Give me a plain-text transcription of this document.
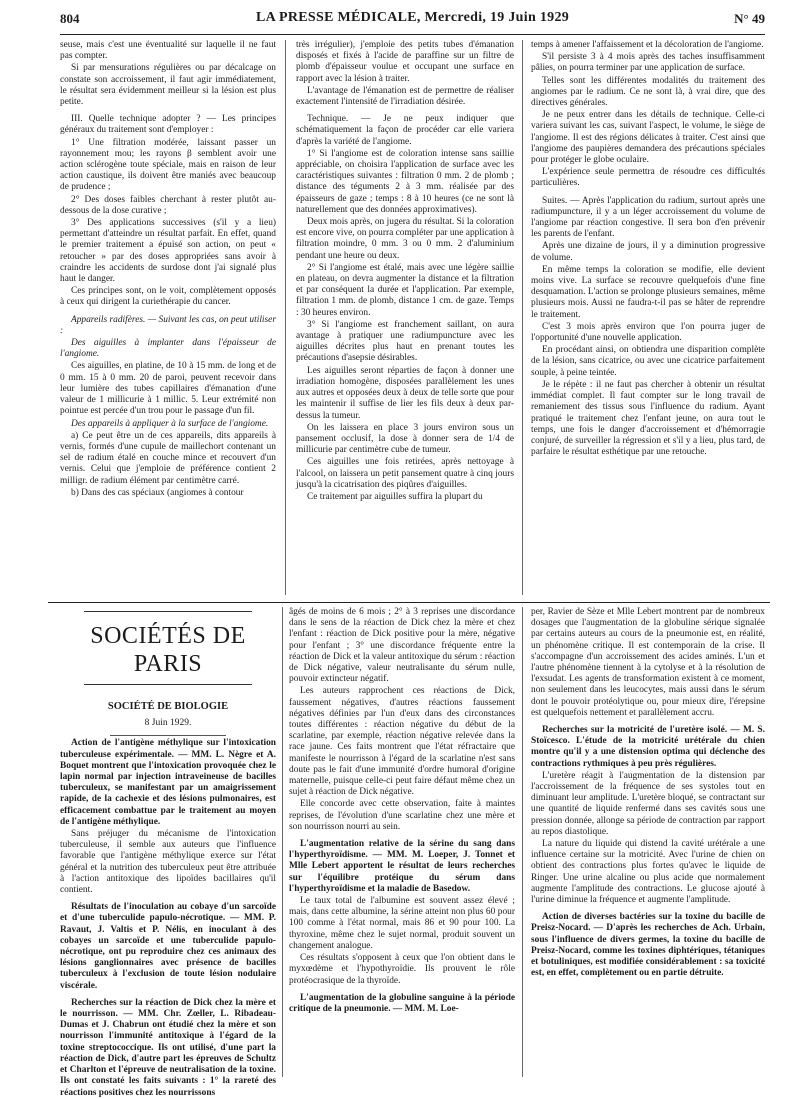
804	LA PRESSE MÉDICALE, Mercredi, 19 Juin 1929	N° 49

seuse, mais c'est une éventualité sur laquelle il ne faut pas compter.

Si par mensurations régulières ou par décalcage on constate son accroissement, il faut agir immédiatement, le résultat sera évidemment meilleur si la lésion est plus petite.

III. Quelle technique adopter ? — Les principes généraux du traitement sont d'employer :

1° Une filtration modérée, laissant passer un rayonnement mou; les rayons β semblent avoir une action sclérogène toute spéciale, mais en raison de leur action caustique, ils doivent être maniés avec beaucoup de prudence ;

2° Des doses faibles cherchant à rester plutôt au-dessous de la dose curative ;

3° Des applications successives (s'il y a lieu) permettant d'atteindre un résultat parfait. En effet, quand le premier traitement a épuisé son action, on peut « retoucher » par des doses appropriées sans avoir à craindre les accidents de surdose dont j'ai signalé plus haut le danger.

Ces principes sont, on le voit, complètement opposés à ceux qui dirigent la curiethérapie du cancer.

Appareils radifères. — Suivant les cas, on peut utiliser :

Des aiguilles à implanter dans l'épaisseur de l'angiome.

Ces aiguilles, en platine, de 10 à 15 mm. de long et de 0 mm. 15 à 0 mm. 20 de paroi, peuvent recevoir dans leur lumière des tubes capillaires d'émanation d'une valeur de 1 millicurie à 1 millic. 5. Leur extrémité non pointue est percée d'un trou pour le passage d'un fil.

Des appareils à appliquer à la surface de l'angiome.

a) Ce peut être un de ces appareils, dits appareils à vernis, formés d'une cupule de maillechort contenant un sel de radium étalé en couche mince et recouvert d'un vernis. Celui que j'emploie de préférence contient 2 milligr. de radium élément par centimètre carré.

b) Dans des cas spéciaux (angiomes à contour

très irrégulier), j'emploie des petits tubes d'émanation disposés et fixés à l'acide de paraffine sur un filtre de plomb d'épaisseur voulue et occupant une surface en rapport avec la lésion à traiter.

L'avantage de l'émanation est de permettre de réaliser exactement l'intensité de l'irradiation désirée.

Technique. — Je ne peux indiquer que schématiquement la façon de procéder car elle variera d'après la variété de l'angiome.

1° Si l'angiome est de coloration intense sans saillie appréciable, on choisira l'application de surface avec les caractéristiques suivantes : filtration 0 mm. 2 de plomb ; distance des téguments 2 à 3 mm. réalisée par des épaisseurs de gaze ; temps : 8 à 10 heures (ce ne sont là naturellement que des données approximatives).

Deux mois après, on jugera du résultat. Si la coloration est encore vive, on pourra compléter par une application à filtration moindre, 0 mm. 3 ou 0 mm. 2 d'aluminium pendant une heure ou deux.

2° Si l'angiome est étalé, mais avec une légère saillie en plateau, on devra augmenter la distance et la filtration et par conséquent la durée et l'application. Par exemple, filtration 1 mm. de plomb, distance 1 cm. de gaze. Temps : 30 heures environ.

3° Si l'angiome est franchement saillant, on aura avantage à pratiquer une radiumpuncture avec les aiguilles décrites plus haut en prenant toutes les précautions d'asepsie désirables.

Les aiguilles seront réparties de façon à donner une irradiation homogène, disposées parallèlement les unes aux autres et opposées deux à deux de telle sorte que pour les maintenir il suffise de lier les fils deux à deux par-dessus la tumeur.

On les laissera en place 3 jours environ sous un pansement occlusif, la dose à donner sera de 1/4 de millicurie par centimètre cube de tumeur.

Ces aiguilles une fois retirées, après nettoyage à l'alcool, on laissera un petit pansement quatre à cinq jours jusqu'à la cicatrisation des piqûres d'aiguilles.

Ce traitement par aiguilles suffira la plupart du

temps à amener l'affaissement et la décoloration de l'angiome.

S'il persiste 3 à 4 mois après des taches insuffisamment pâlies, on pourra terminer par une application de surface.

Telles sont les différentes modalités du traitement des angiomes par le radium. Ce ne sont là, à vrai dire, que des directives générales.

Je ne peux entrer dans les détails de technique. Celle-ci variera suivant les cas, suivant l'aspect, le volume, le siège de l'angiome. Il est des régions délicates à traiter. C'est ainsi que l'angiome des paupières demandera des précautions spéciales pour protéger le globe oculaire.

L'expérience seule permettra de résoudre ces difficultés particulières.

Suites. — Après l'application du radium, surtout après une radiumpuncture, il y a un léger accroissement du volume de l'angiome par réaction congestive. Il sera bon d'en prévenir les parents de l'enfant.

Après une dizaine de jours, il y a diminution progressive de volume.

En même temps la coloration se modifie, elle devient moins vive. La surface se recouvre quelquefois d'une fine desquamation. L'action se prolonge plusieurs semaines, même plusieurs mois. Aussi ne faudra-t-il pas se hâter de reprendre le traitement.

C'est 3 mois après environ que l'on pourra juger de l'opportunité d'une nouvelle application.

En procédant ainsi, on obtiendra une disparition complète de la lésion, sans cicatrice, ou avec une cicatrice parfaitement souple, à peine teintée.

Je le répète : il ne faut pas chercher à obtenir un résultat immédiat complet. Il faut compter sur le long travail de remaniement des tissus sous l'influence du radium. Ayant pratiqué le traitement chez l'enfant jeune, on aura tout le temps, une fois le danger d'accroissement et d'hémorragie conjuré, de surveiller la régression et s'il y a lieu, plus tard, de parfaire le résultat esthétique par une retouche.

SOCIÉTÉS DE PARIS
SOCIÉTÉ DE BIOLOGIE
8 Juin 1929.

Action de l'antigène méthylique sur l'intoxication tuberculeuse expérimentale. — MM. L. Nègre et A. Boquet montrent que l'intoxication provoquée chez le lapin normal par injection intraveineuse de bacilles tuberculeux, se manifestant par un amaigrissement rapide, de la cachexie et des lésions pulmonaires, est efficacement combattue par le traitement au moyen de l'antigène méthylique.

Sans préjuger du mécanisme de l'intoxication tuberculeuse, il semble aux auteurs que l'influence favorable que l'antigène méthylique exerce sur l'état général et la nutrition des tuberculeux peut être attribuée à l'action antitoxique des lipoïdes bacillaires qu'il contient.

Résultats de l'inoculation au cobaye d'un sarcoïde et d'une tuberculide papulo-nécrotique. — MM. P. Ravaut, J. Valtis et P. Nélis, en inoculant à des cobayes un sarcoïde et une tuberculide papulo-nécrotique, ont pu reproduire chez ces animaux des lésions ganglionnaires avec présence de bacilles tuberculeux à l'exclusion de toute lésion nodulaire viscérale.

Recherches sur la réaction de Dick chez la mère et le nourrisson. — MM. Chr. Zœller, L. Ribadeau-Dumas et J. Chabrun ont étudié chez la mère et son nourrisson l'immunité antitoxique à l'égard de la toxine streptococcique. Ils ont utilisé, d'une part la réaction de Dick, d'autre part les épreuves de Schultz et Charlton et l'épreuve de neutralisation de la toxine. Ils ont constaté les faits suivants : 1° la rareté des réactions positives chez les nourrissons

âgés de moins de 6 mois ; 2° à 3 reprises une discordance dans le sens de la réaction de Dick chez la mère et chez l'enfant : réaction de Dick positive pour la mère, négative pour l'enfant ; 3° une discordance fréquente entre la réaction de Dick et la valeur antitoxique du sérum : réaction de Dick négative, valeur neutralisante du sérum nulle, pouvoir extincteur négatif.

Les auteurs rapprochent ces réactions de Dick, faussement négatives, d'autres réactions faussement négatives définies par l'un d'eux dans des circonstances toutes différentes : réaction négative du début de la scarlatine, par exemple, réaction négative relevée dans la race jaune. Ces faits montrent que l'état réfractaire que manifeste le nourrisson à l'égard de la scarlatine n'est sans doute pas le fait d'une immunité d'ordre humoral d'origine maternelle, puisque celle-ci peut faire défaut même chez un sujet à réaction de Dick négative.

Elle concorde avec cette observation, faite à maintes reprises, de l'évolution d'une scarlatine chez une mère et son nourrisson nourri au sein.

L'augmentation relative de la sérine du sang dans l'hyperthyroïdisme. — MM. M. Loeper, J. Tonnet et Mlle Lebert apportent le résultat de leurs recherches sur l'équilibre protéique du sérum dans l'hyperthyroïdisme et la maladie de Basedow.

Le taux total de l'albumine est souvent assez élevé ; mais, dans cette albumine, la sérine atteint non plus 60 pour 100 comme à l'état normal, mais 86 et 90 pour 100. La thyroxine, même chez le sujet normal, produit souvent un changement analogue.

Ces résultats s'opposent à ceux que l'on obtient dans le myxœdème et l'hypothyroïdie. Ils prouvent le rôle protéocrasique de la thyroïde.

L'augmentation de la globuline sanguine à la période critique de la pneumonie. — MM. M. Loe-

per, Ravier de Sèze et Mlle Lebert montrent par de nombreux dosages que l'augmentation de la globuline sérique signalée par certains auteurs au cours de la pneumonie est, en réalité, un phénomène critique. Il est contemporain de la crise. Il s'accompagne d'un accroissement des acides aminés. L'un et l'autre phénomène tiennent à la cytolyse et à la résolution de l'exsudat. Les agents de transformation existent à ce moment, non seulement dans les leucocytes, mais aussi dans le sérum dont le pouvoir protéolytique ou, pour mieux dire, l'érepsine est quelquefois nettement et parallèlement accru.

Recherches sur la motricité de l'uretère isolé. — M. S. Stoïcesco. L'étude de la motricité urétérale du chien montre qu'il y a une distension optima qui déclenche des contractions rythmiques à peu près régulières.

L'uretère réagit à l'augmentation de la distension par l'accroissement de la fréquence de ses systoles tout en diminuant leur amplitude. L'uretère bloqué, se contractant sur une quantité de liquide renfermé dans ses cavités sous une pression donnée, allonge sa période de contraction par rapport au repos diastolique.

La nature du liquide qui distend la cavité urétérale a une influence certaine sur la motricité. Avec l'urine de chien on obtient des contractions plus fortes qu'avec le liquide de Ringer. Une urine alcaline ou plus acide que normalement augmente l'amplitude des contractions. Le glucose ajouté à l'urine diminue la fréquence et augmente l'amplitude.

Action de diverses bactéries sur la toxine du bacille de Preisz-Nocard. — D'après les recherches de Ach. Urbain, sous l'influence de divers germes, la toxine du bacille de Preisz-Nocard, comme les toxines diphtériques, tétaniques et botuliniques, est modifiée considérablement : sa toxicité est, en effet, complètement ou en partie détruite.
